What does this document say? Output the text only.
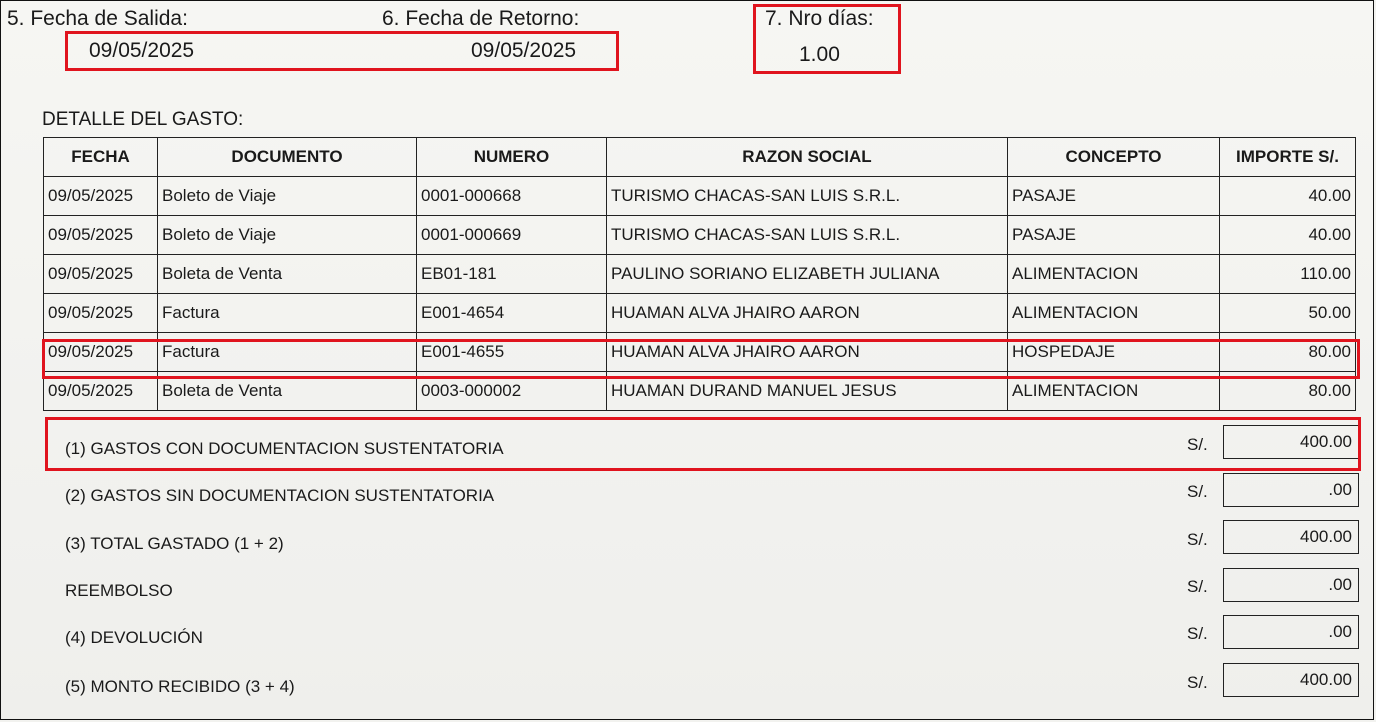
5. Fecha de Salida:	6. Fecha de Retorno:	7. Nro días:
09/05/2025	09/05/2025	1.00
DETALLE DEL GASTO:
FECHA	DOCUMENTO	NUMERO	RAZON SOCIAL	CONCEPTO	IMPORTE S/.
09/05/2025	Boleto de Viaje	0001-000668	TURISMO CHACAS-SAN LUIS S.R.L.	PASAJE	40.00
09/05/2025	Boleto de Viaje	0001-000669	TURISMO CHACAS-SAN LUIS S.R.L.	PASAJE	40.00
09/05/2025	Boleta de Venta	EB01-181	PAULINO SORIANO ELIZABETH JULIANA	ALIMENTACION	110.00
09/05/2025	Factura	E001-4654	HUAMAN ALVA JHAIRO AARON	ALIMENTACION	50.00
09/05/2025	Factura	E001-4655	HUAMAN ALVA JHAIRO AARON	HOSPEDAJE	80.00
09/05/2025	Boleta de Venta	0003-000002	HUAMAN DURAND MANUEL JESUS	ALIMENTACION	80.00
(1) GASTOS CON DOCUMENTACION SUSTENTATORIA	S/.	400.00
(2) GASTOS SIN DOCUMENTACION SUSTENTATORIA	S/.	.00
(3) TOTAL GASTADO (1 + 2)	S/.	400.00
REEMBOLSO	S/.	.00
(4) DEVOLUCIÓN	S/.	.00
(5) MONTO RECIBIDO (3 + 4)	S/.	400.00
